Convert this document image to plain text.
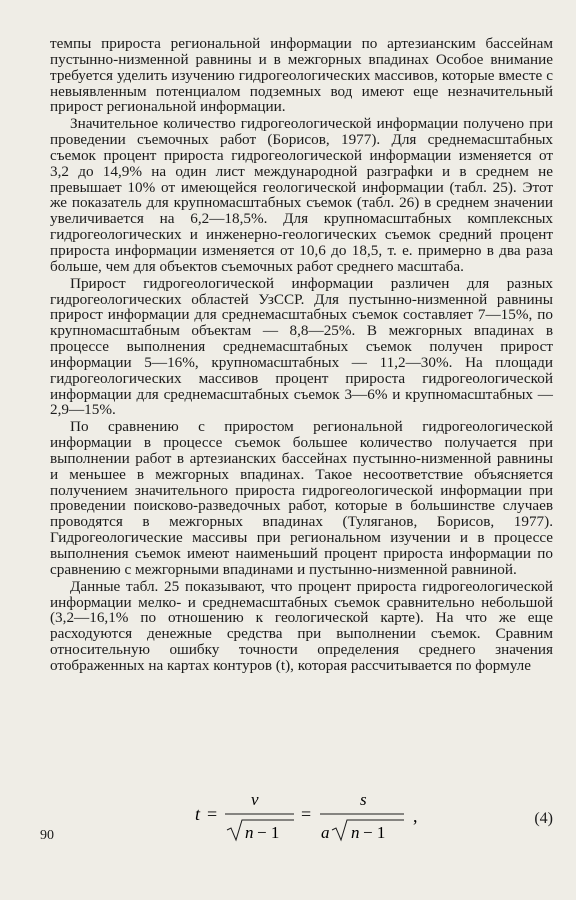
темпы прироста региональной информации по артезианским бассейнам пустынно-низменной равнины и в межгорных впадинах Особое внимание требуется уделить изучению гидрогеологических массивов, которые вместе с невыявленным потенциалом подземных вод имеют еще незначительный прирост региональной информации.

Значительное количество гидрогеологической информации получено при проведении съемочных работ (Борисов, 1977). Для среднемасштабных съемок процент прироста гидрогеологической информации изменяется от 3,2 до 14,9% на один лист международной разграфки и в среднем не превышает 10% от имеющейся геологической информации (табл. 25). Этот же показатель для крупномасштабных съемок (табл. 26) в среднем значении увеличивается на 6,2—18,5%. Для крупномасштабных комплексных гидрогеологических и инженерно-геологических съемок средний процент прироста информации изменяется от 10,6 до 18,5, т. е. примерно в два раза больше, чем для объектов съемочных работ среднего масштаба.

Прирост гидрогеологической информации различен для разных гидрогеологических областей УзССР. Для пустынно-низменной равнины прирост информации для среднемасштабных съемок составляет 7—15%, по крупномасштабным объектам — 8,8—25%. В межгорных впадинах в процессе выполнения среднемасштабных съемок получен прирост информации 5—16%, крупномасштабных — 11,2—30%. На площади гидрогеологических массивов процент прироста гидрогеологической информации для среднемасштабных съемок 3—6% и крупномасштабных — 2,9—15%.

По сравнению с приростом региональной гидрогеологической информации в процессе съемок большее количество получается при выполнении работ в артезианских бассейнах пустынно-низменной равнины и меньшее в межгорных впадинах. Такое несоответствие объясняется получением значительного прироста гидрогеологической информации при проведении поисково-разведочных работ, которые в большинстве случаев проводятся в межгорных впадинах (Туляганов, Борисов, 1977). Гидрогеологические массивы при региональном изучении и в процессе выполнения съемок имеют наименьший процент прироста информации по сравнению с межгорными впадинами и пустынно-низменной равниной.

Данные табл. 25 показывают, что процент прироста гидрогеологической информации мелко- и среднемасштабных съемок сравнительно небольшой (3,2—16,1% по отношению к геологической карте). На что же еще расходуются денежные средства при выполнении съемок. Сравним относительную ошибку точности определения среднего значения отображенных на картах контуров (t), которая рассчитывается по формуле

t =
v
n − 1
=
s
a n − 1
,	(4)
90
